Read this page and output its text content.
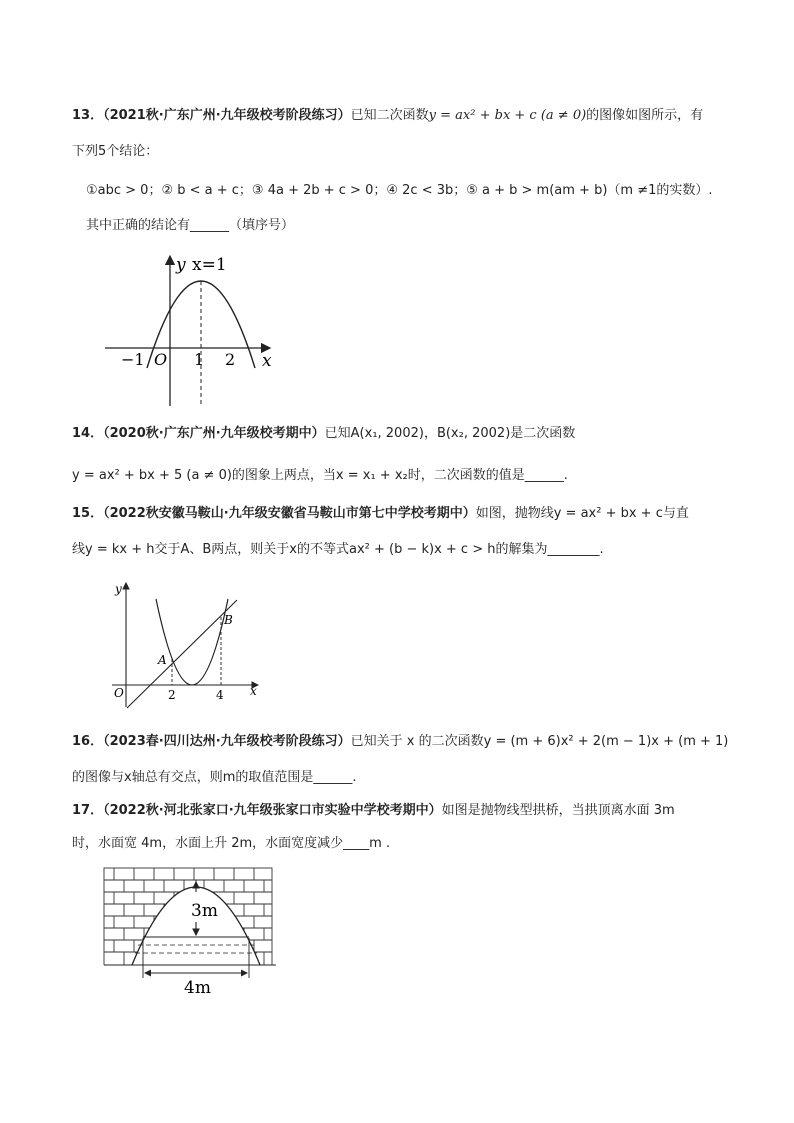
13．（2021秋·广东广州·九年级校考阶段练习）已知二次函数y = ax² + bx + c (a ≠ 0)的图像如图所示，有
下列5个结论：
①abc > 0；② b < a + c；③ 4a + 2b + c > 0；④ 2c < 3b；⑤ a + b > m(am + b)（m ≠1的实数）.
其中正确的结论有______（填序号）
y x=1
x
O
−1	1 2
14．（2020秋·广东广州·九年级校考期中）已知A(x₁, 2002)，B(x₂, 2002)是二次函数
y = ax² + bx + 5 (a ≠ 0)的图象上两点，当x = x₁ + x₂时，二次函数的值是______.
15．（2022秋安徽马鞍山·九年级安徽省马鞍山市第七中学校考期中）如图，抛物线y = ax² + bx + c与直
线y = kx + h交于A、B两点，则关于x的不等式ax² + (b − k)x + c > h的解集为________.
y
x
O
A
B
2	4
16．（2023春·四川达州·九年级校考阶段练习）已知关于 x 的二次函数y = (m + 6)x² + 2(m − 1)x + (m + 1)
的图像与x轴总有交点，则m的取值范围是______.
17．（2022秋·河北张家口·九年级张家口市实验中学校考期中）如图是抛物线型拱桥，当拱顶离水面 3m
时，水面宽 4m，水面上升 2m，水面宽度减少____m .
3m
4m
